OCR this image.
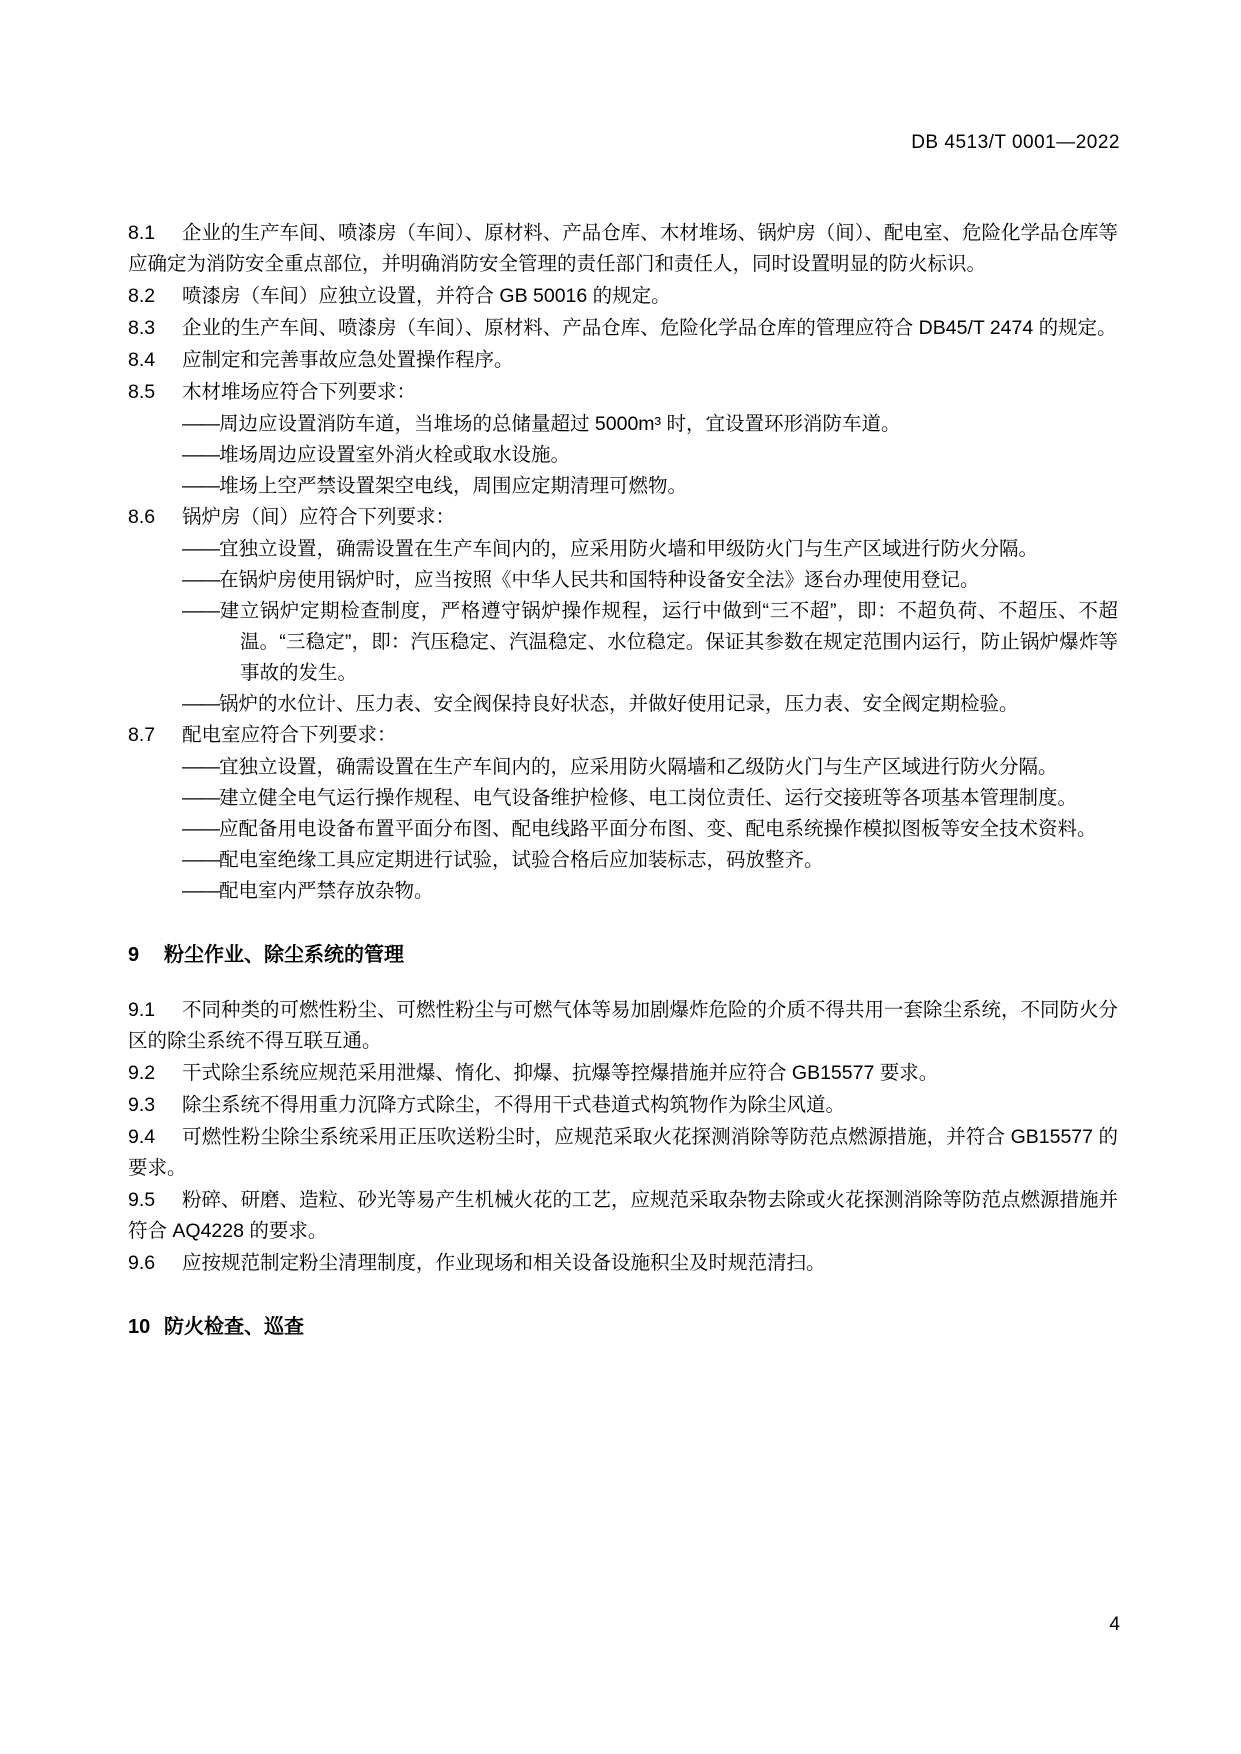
DB 4513/T 0001—2022

8.1 企业的生产车间、喷漆房（车间）、原材料、产品仓库、木材堆场、锅炉房（间）、配电室、危险化学品仓库等应确定为消防安全重点部位，并明确消防安全管理的责任部门和责任人，同时设置明显的防火标识。

8.2 喷漆房（车间）应独立设置，并符合 GB 50016 的规定。

8.3 企业的生产车间、喷漆房（车间）、原材料、产品仓库、危险化学品仓库的管理应符合 DB45/T 2474 的规定。

8.4 应制定和完善事故应急处置操作程序。

8.5 木材堆场应符合下列要求：

——周边应设置消防车道，当堆场的总储量超过 5000m³ 时，宜设置环形消防车道。

——堆场周边应设置室外消火栓或取水设施。

——堆场上空严禁设置架空电线，周围应定期清理可燃物。

8.6 锅炉房（间）应符合下列要求：

——宜独立设置，确需设置在生产车间内的，应采用防火墙和甲级防火门与生产区域进行防火分隔。

——在锅炉房使用锅炉时，应当按照《中华人民共和国特种设备安全法》逐台办理使用登记。

——建立锅炉定期检查制度，严格遵守锅炉操作规程，运行中做到“三不超”，即：不超负荷、不超压、不超温。“三稳定”，即：汽压稳定、汽温稳定、水位稳定。保证其参数在规定范围内运行，防止锅炉爆炸等事故的发生。

——锅炉的水位计、压力表、安全阀保持良好状态，并做好使用记录，压力表、安全阀定期检验。

8.7 配电室应符合下列要求：

——宜独立设置，确需设置在生产车间内的，应采用防火隔墙和乙级防火门与生产区域进行防火分隔。

——建立健全电气运行操作规程、电气设备维护检修、电工岗位责任、运行交接班等各项基本管理制度。

——应配备用电设备布置平面分布图、配电线路平面分布图、变、配电系统操作模拟图板等安全技术资料。

——配电室绝缘工具应定期进行试验，试验合格后应加装标志，码放整齐。

——配电室内严禁存放杂物。

9 粉尘作业、除尘系统的管理

9.1 不同种类的可燃性粉尘、可燃性粉尘与可燃气体等易加剧爆炸危险的介质不得共用一套除尘系统，不同防火分区的除尘系统不得互联互通。

9.2 干式除尘系统应规范采用泄爆、惰化、抑爆、抗爆等控爆措施并应符合 GB15577 要求。

9.3 除尘系统不得用重力沉降方式除尘，不得用干式巷道式构筑物作为除尘风道。

9.4 可燃性粉尘除尘系统采用正压吹送粉尘时，应规范采取火花探测消除等防范点燃源措施，并符合 GB15577 的要求。

9.5 粉碎、研磨、造粒、砂光等易产生机械火花的工艺，应规范采取杂物去除或火花探测消除等防范点燃源措施并符合 AQ4228 的要求。

9.6 应按规范制定粉尘清理制度，作业现场和相关设备设施积尘及时规范清扫。

10 防火检查、巡查
4
